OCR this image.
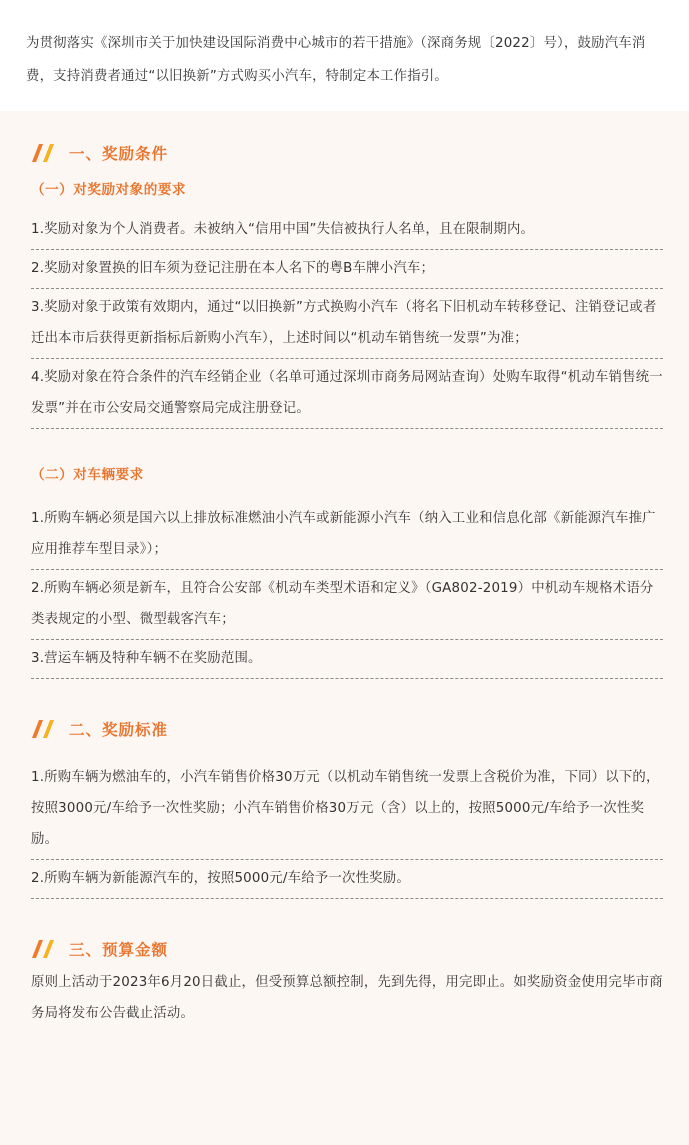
为贯彻落实《深圳市关于加快建设国际消费中心城市的若干措施》（深商务规〔2022〕号），鼓励汽车消费，支持消费者通过“以旧换新”方式购买小汽车，特制定本工作指引。
一、奖励条件
（一）对奖励对象的要求
1.奖励对象为个人消费者。未被纳入“信用中国”失信被执行人名单，且在限制期内。
2.奖励对象置换的旧车须为登记注册在本人名下的粤B车牌小汽车；
3.奖励对象于政策有效期内，通过“以旧换新”方式换购小汽车（将名下旧机动车转移登记、注销登记或者迁出本市后获得更新指标后新购小汽车），上述时间以“机动车销售统一发票”为准；
4.奖励对象在符合条件的汽车经销企业（名单可通过深圳市商务局网站查询）处购车取得“机动车销售统一发票”并在市公安局交通警察局完成注册登记。
（二）对车辆要求
1.所购车辆必须是国六以上排放标准燃油小汽车或新能源小汽车（纳入工业和信息化部《新能源汽车推广应用推荐车型目录》）；
2.所购车辆必须是新车，且符合公安部《机动车类型术语和定义》（GA802-2019）中机动车规格术语分类表规定的小型、微型载客汽车；
3.营运车辆及特种车辆不在奖励范围。
二、奖励标准
1.所购车辆为燃油车的，小汽车销售价格30万元（以机动车销售统一发票上含税价为准，下同）以下的，按照3000元/车给予一次性奖励；小汽车销售价格30万元（含）以上的，按照5000元/车给予一次性奖励。
2.所购车辆为新能源汽车的，按照5000元/车给予一次性奖励。
三、预算金额
原则上活动于2023年6月20日截止，但受预算总额控制，先到先得，用完即止。如奖励资金使用完毕市商务局将发布公告截止活动。
